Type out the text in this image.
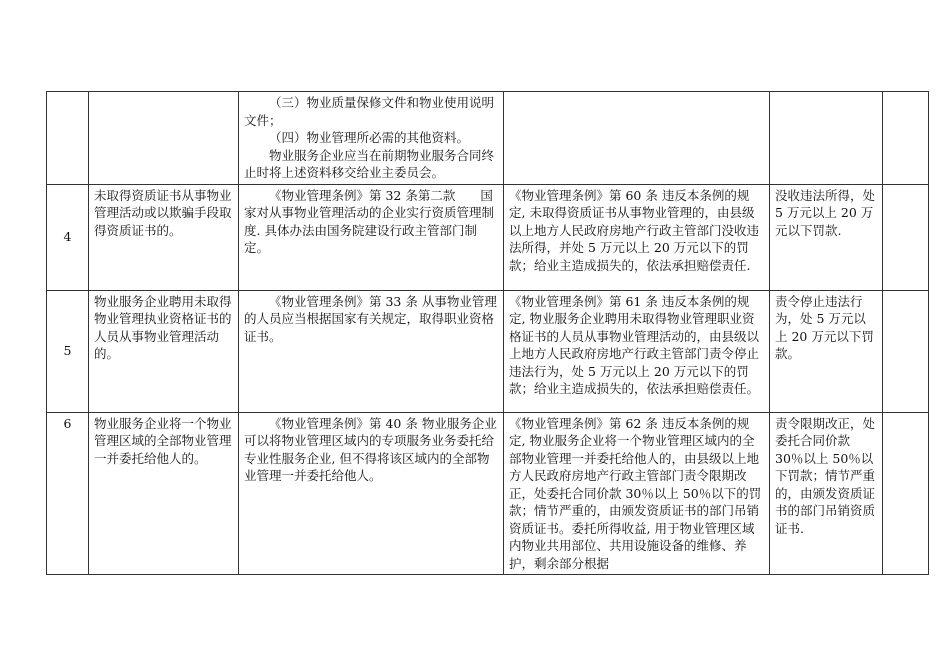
		（三）物业质量保修文件和物业使用说明文件；

（四）物业管理所必需的其他资料。

物业服务企业应当在前期物业服务合同终止时将上述资料移交给业主委员会。			

4	未取得资质证书从事物业管理活动或以欺骗手段取得资质证书的。	《物业管理条例》第 32 条第二款　　国家对从事物业管理活动的企业实行资质管理制度. 具体办法由国务院建设行政主管部门制定。	《物业管理条例》第 60 条 违反本条例的规定, 未取得资质证书从事物业管理的，由县级以上地方人民政府房地产行政主管部门没收违法所得，并处 5 万元以上 20 万元以下的罚款；给业主造成损失的，依法承担赔偿责任.	没收违法所得，处 5 万元以上 20 万元以下罚款.	
5	物业服务企业聘用未取得物业管理执业资格证书的人员从事物业管理活动的。	《物业管理条例》第 33 条 从事物业管理的人员应当根据国家有关规定，取得职业资格证书。	《物业管理条例》第 61 条 违反本条例的规定, 物业服务企业聘用未取得物业管理职业资格证书的人员从事物业管理活动的，由县级以上地方人民政府房地产行政主管部门责令停止违法行为，处 5 万元以上 20 万元以下的罚款；给业主造成损失的，依法承担赔偿责任。	责令停止违法行为，处 5 万元以上 20 万元以下罚款。	
6	物业服务企业将一个物业管理区域的全部物业管理一并委托给他人的。	《物业管理条例》第 40 条 物业服务企业可以将物业管理区域内的专项服务业务委托给专业性服务企业, 但不得将该区域内的全部物业管理一并委托给他人。	《物业管理条例》第 62 条 违反本条例的规定, 物业服务企业将一个物业管理区域内的全部物业管理一并委托给他人的，由县级以上地方人民政府房地产行政主管部门责令限期改正，处委托合同价款 30％以上 50％以下的罚款；情节严重的，由颁发资质证书的部门吊销资质证书。委托所得收益, 用于物业管理区域内物业共用部位、共用设施设备的维修、养护，剩余部分根据	责令限期改正，处委托合同价款 30％以上 50％以下罚款；情节严重的，由颁发资质证书的部门吊销资质证书.	
